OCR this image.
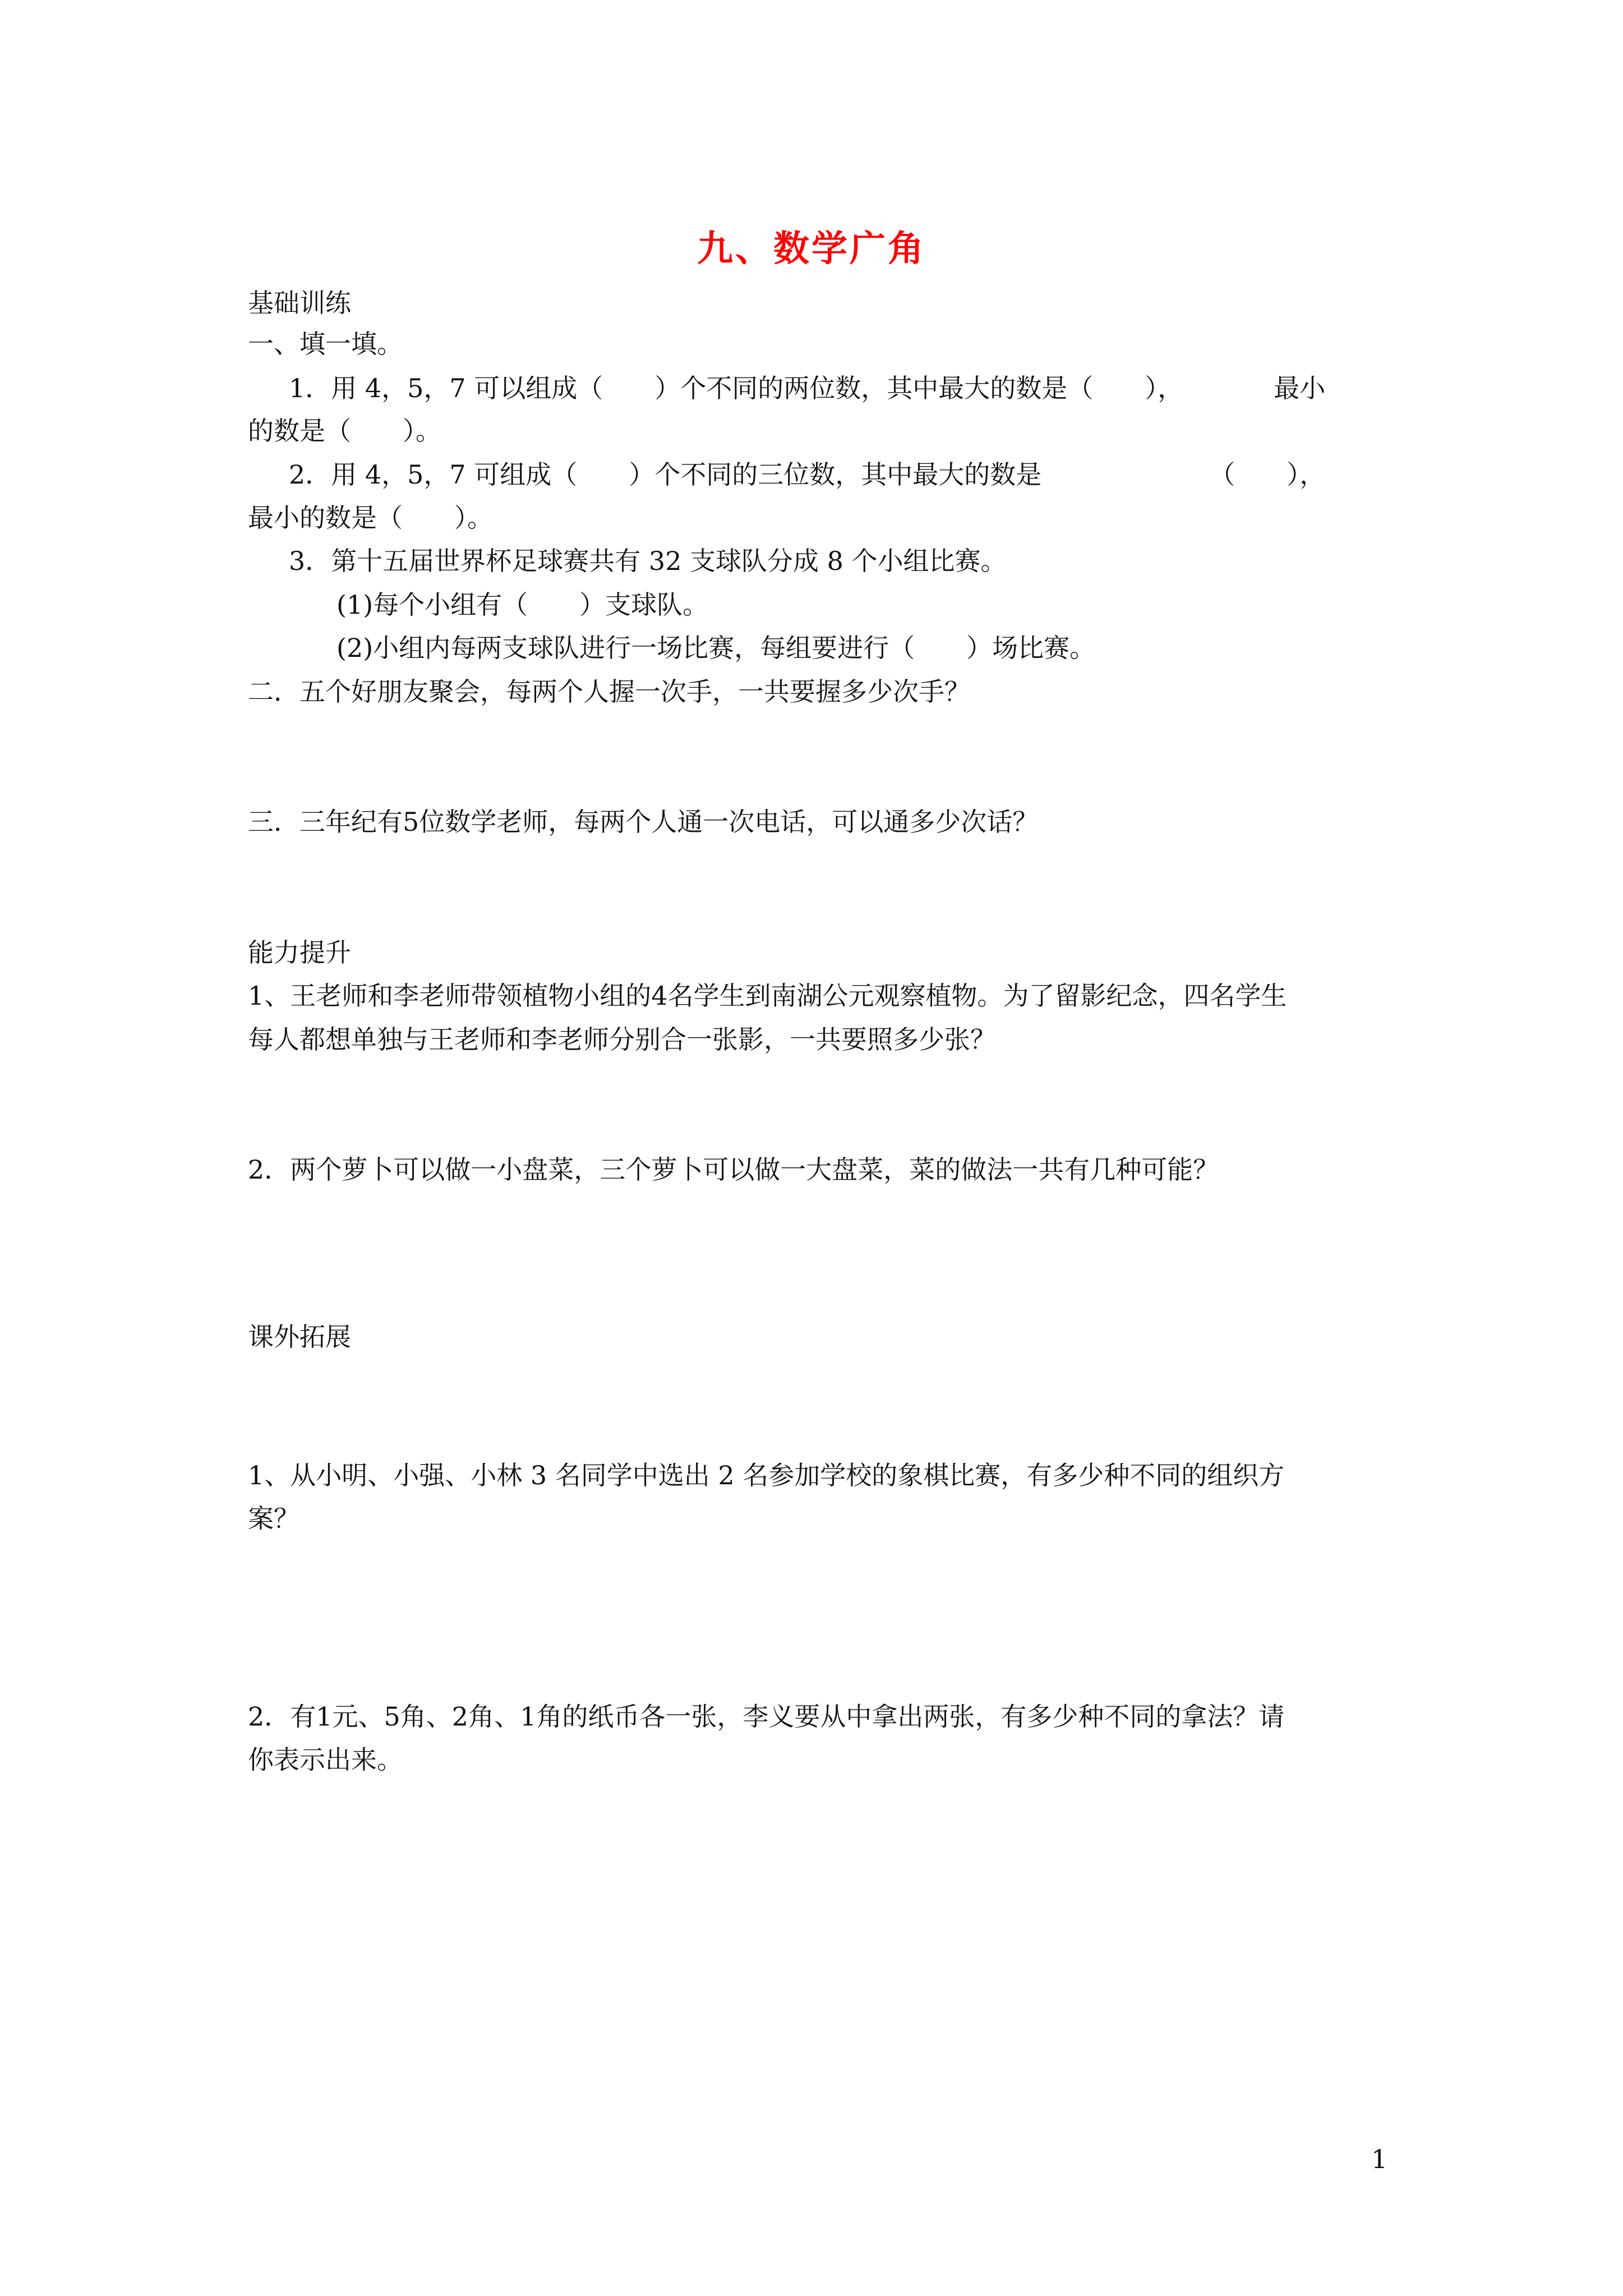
九、数学广角
基础训练
一、填一填。
1．用 4，5，7 可以组成（　　）个不同的两位数，其中最大的数是（　　），　　　　最小
的数是（　　）。
2．用 4，5，7 可组成（　　）个不同的三位数，其中最大的数是　　　　　　　（　　），
最小的数是（　　）。
3．第十五届世界杯足球赛共有 32 支球队分成 8 个小组比赛。
(1)每个小组有（　　）支球队。
(2)小组内每两支球队进行一场比赛，每组要进行（　　）场比赛。
二．五个好朋友聚会，每两个人握一次手，一共要握多少次手？
三．三年纪有5位数学老师，每两个人通一次电话，可以通多少次话？
能力提升
1、王老师和李老师带领植物小组的4名学生到南湖公元观察植物。为了留影纪念，四名学生
每人都想单独与王老师和李老师分别合一张影，一共要照多少张？
2．两个萝卜可以做一小盘菜，三个萝卜可以做一大盘菜，菜的做法一共有几种可能？
课外拓展
1、从小明、小强、小林 3 名同学中选出 2 名参加学校的象棋比赛，有多少种不同的组织方
案？
2．有1元、5角、2角、1角的纸币各一张，李义要从中拿出两张，有多少种不同的拿法？请
你表示出来。
1
